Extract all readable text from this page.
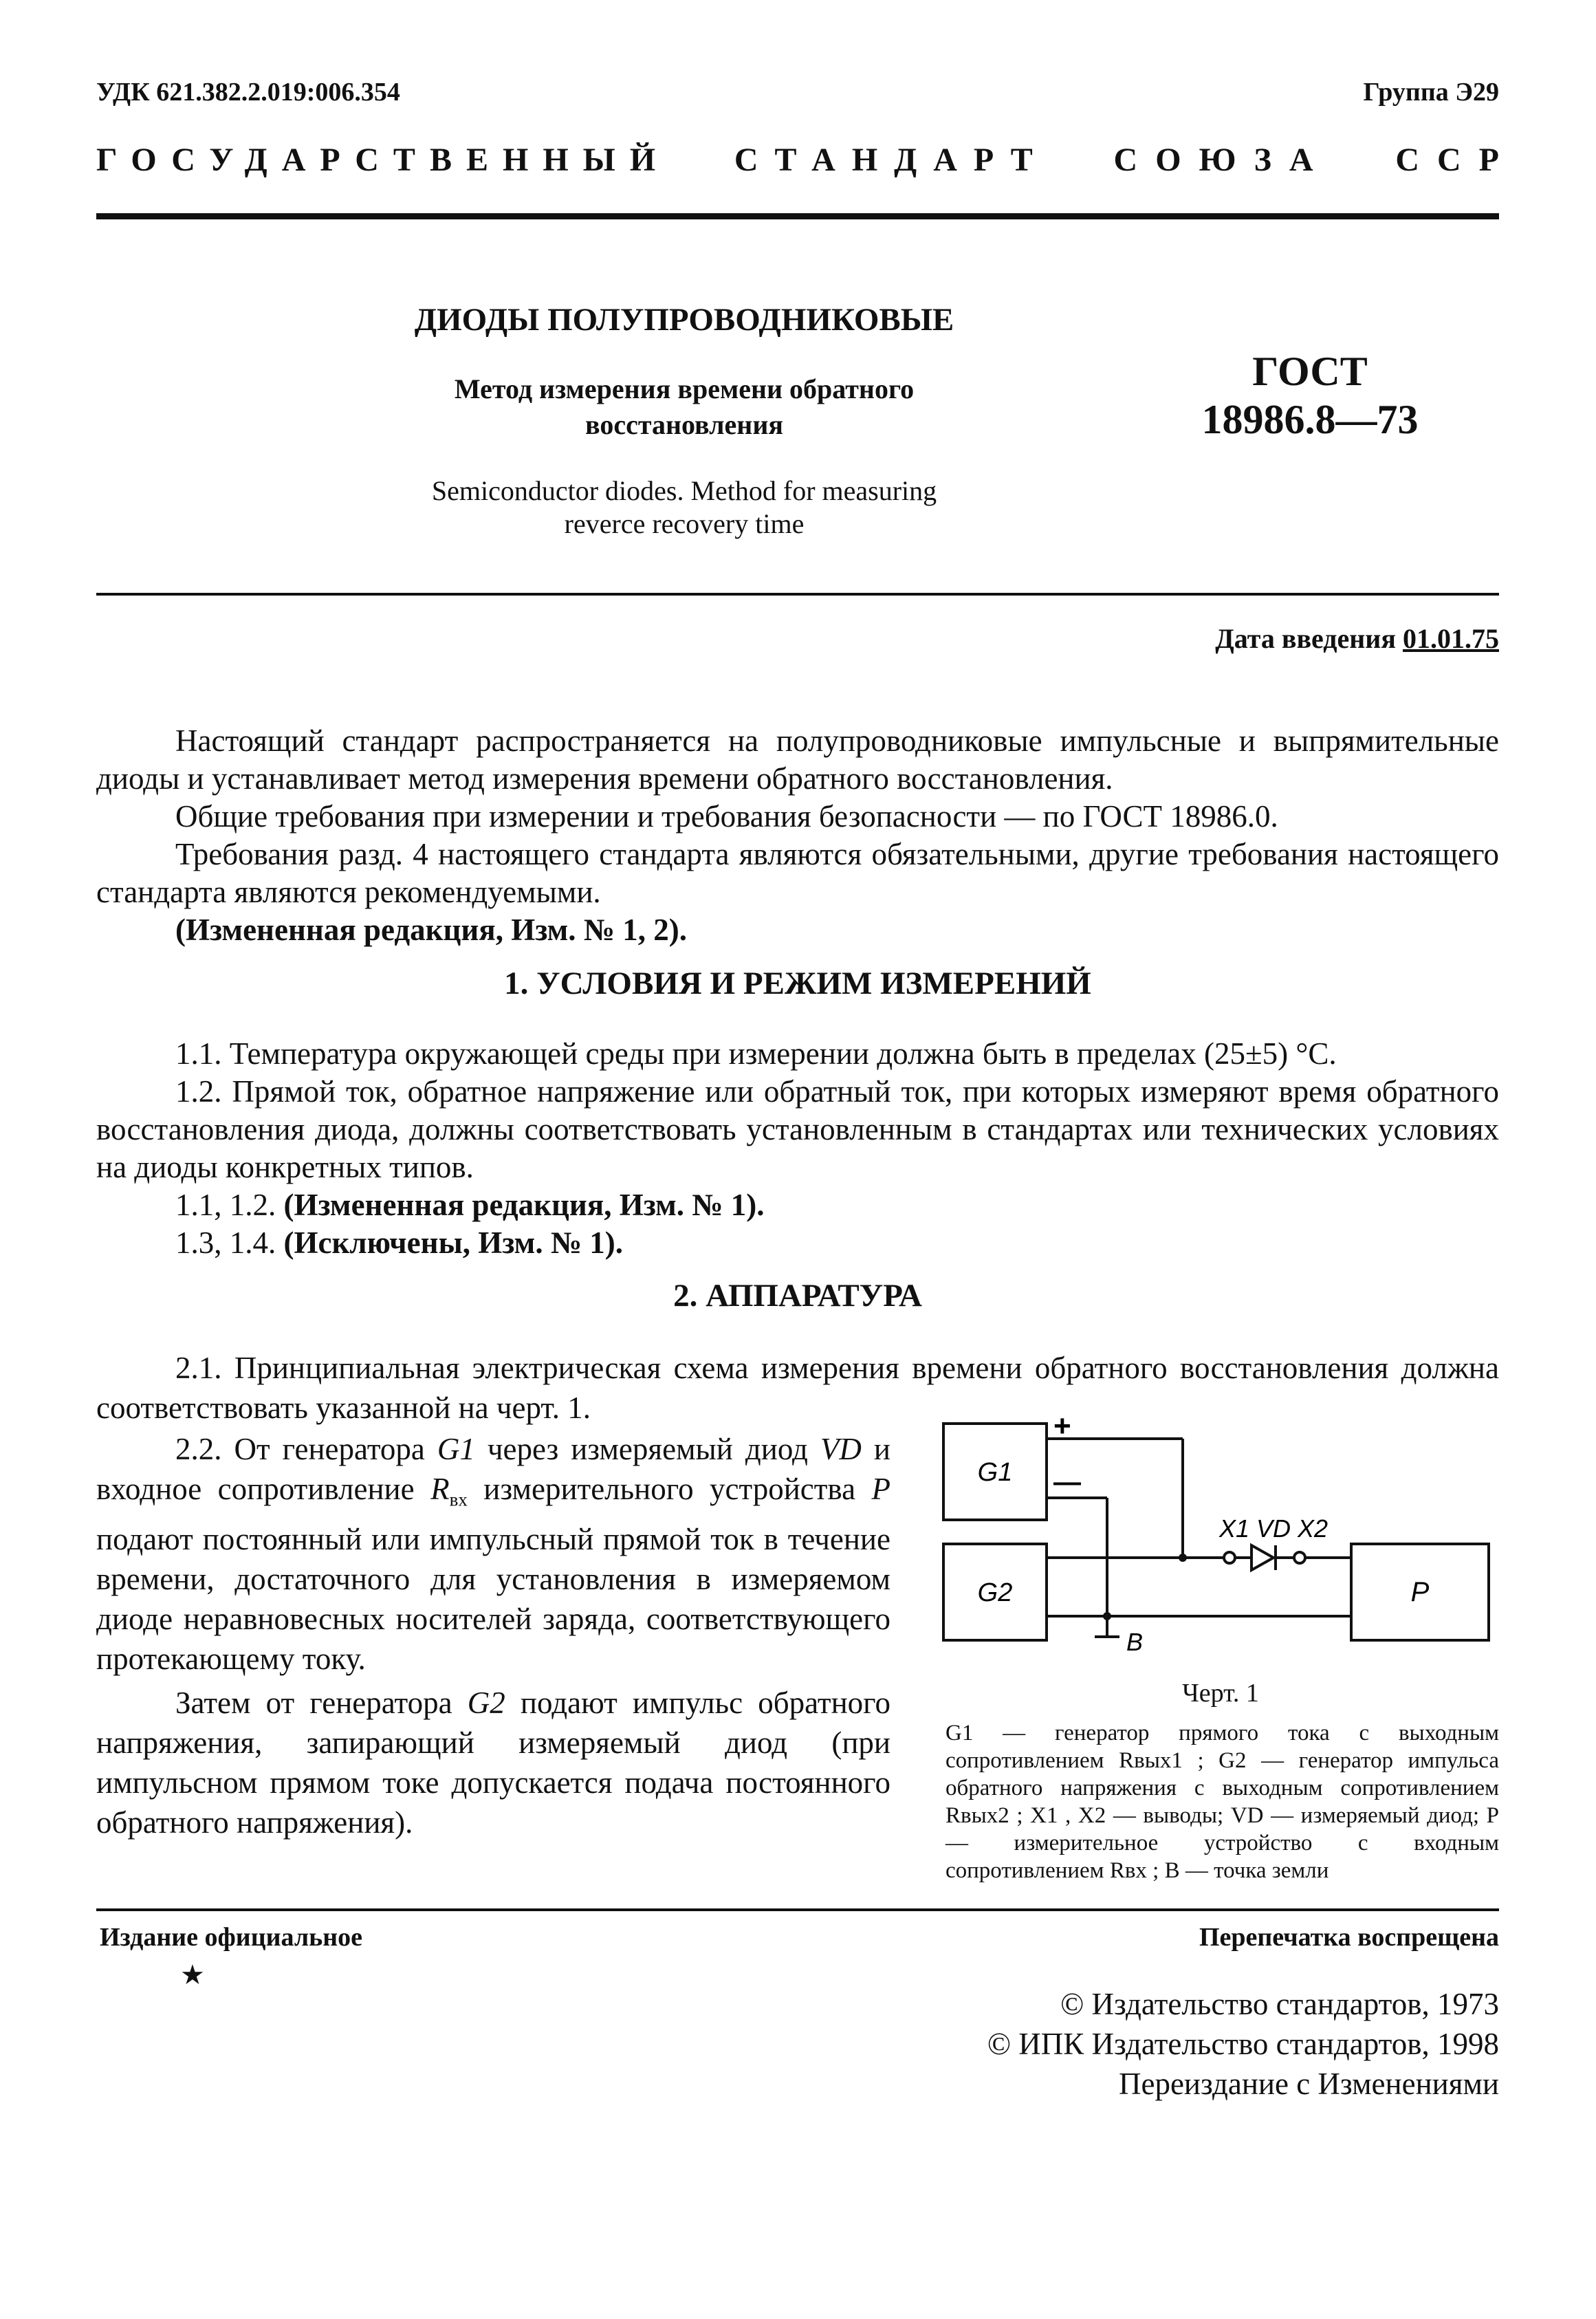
УДК 621.382.2.019:006.354	Группа Э29
ГОСУДАРСТВЕННЫЙ СТАНДАРТ СОЮЗА ССР
ДИОДЫ ПОЛУПРОВОДНИКОВЫЕ
Метод измерения времени обратного
восстановления
ГОСТ
18986.8—73
Semiconductor diodes. Method for measuring
reverce recovery time
Дата введения 01.01.75

Настоящий стандарт распространяется на полупроводниковые импульсные и выпрямительные диоды и устанавливает метод измерения времени обратного восстановления.

Общие требования при измерении и требования безопасности — по ГОСТ 18986.0.

Требования разд. 4 настоящего стандарта являются обязательными, другие требования настоящего стандарта являются рекомендуемыми.

(Измененная редакция, Изм. № 1, 2).

1. УСЛОВИЯ И РЕЖИМ ИЗМЕРЕНИЙ

1.1. Температура окружающей среды при измерении должна быть в пределах (25±5) °С.

1.2. Прямой ток, обратное напряжение или обратный ток, при которых измеряют время обратного восстановления диода, должны соответствовать установленным в стандартах или технических условиях на диоды конкретных типов.

1.1, 1.2. (Измененная редакция, Изм. № 1).

1.3, 1.4. (Исключены, Изм. № 1).

2. АППАРАТУРА

2.1. Принципиальная электрическая схема измерения времени обратного восстановления должна соответствовать указанной на черт. 1.

2.2. От генератора G1 через измеряемый диод VD и входное сопротивление $R_{вх}$ измерительного устройства P подают постоянный или импульсный прямой ток в течение времени, достаточного для установления в измеряемом диоде неравновесных носителей заряда, соответствующего протекающему току.

Затем от генератора G2 подают импульс обратного напряжения, запирающий измеряемый диод (при импульсном прямом токе допускается подача постоянного обратного напряжения).

G1
G2	P
+
—
X1 VD X2
B
Черт. 1
G1 — генератор прямого тока с выходным сопротивлением Rвых1 ; G2 — генератор импульса обратного напряжения с выходным сопротивлением Rвых2 ; X1 , X2 — выводы; VD — измеряемый диод; P — измерительное устройство с входным сопротивлением Rвх ; B — точка земли
Издание официальное	Перепечатка воспрещена
★
© Издательство стандартов, 1973
© ИПК Издательство стандартов, 1998
Переиздание с Изменениями
